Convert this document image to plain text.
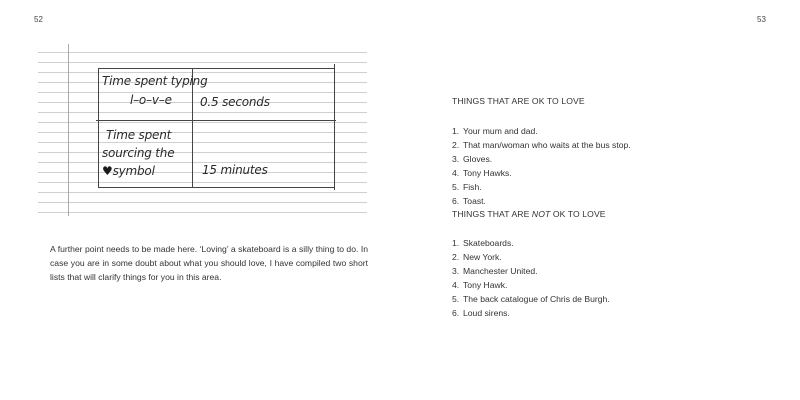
52	53
Time spent typing
l–o–v–e 0.5 seconds
Time spent
sourcing the
♥symbol	15 minutes

A further point needs to be made here. ‘Loving’ a skateboard is a silly thing to do. In case you are in some doubt about what you should love, I have compiled two short lists that will clarify things for you in this area.

THINGS THAT ARE OK TO LOVE
1. Your mum and dad.
2. That man/woman who waits at the bus stop.
3. Gloves.
4. Tony Hawks.
5. Fish.
6. Toast.
THINGS THAT ARE NOT OK TO LOVE
1. Skateboards.
2. New York.
3. Manchester United.
4. Tony Hawk.
5. The back catalogue of Chris de Burgh.
6. Loud sirens.
